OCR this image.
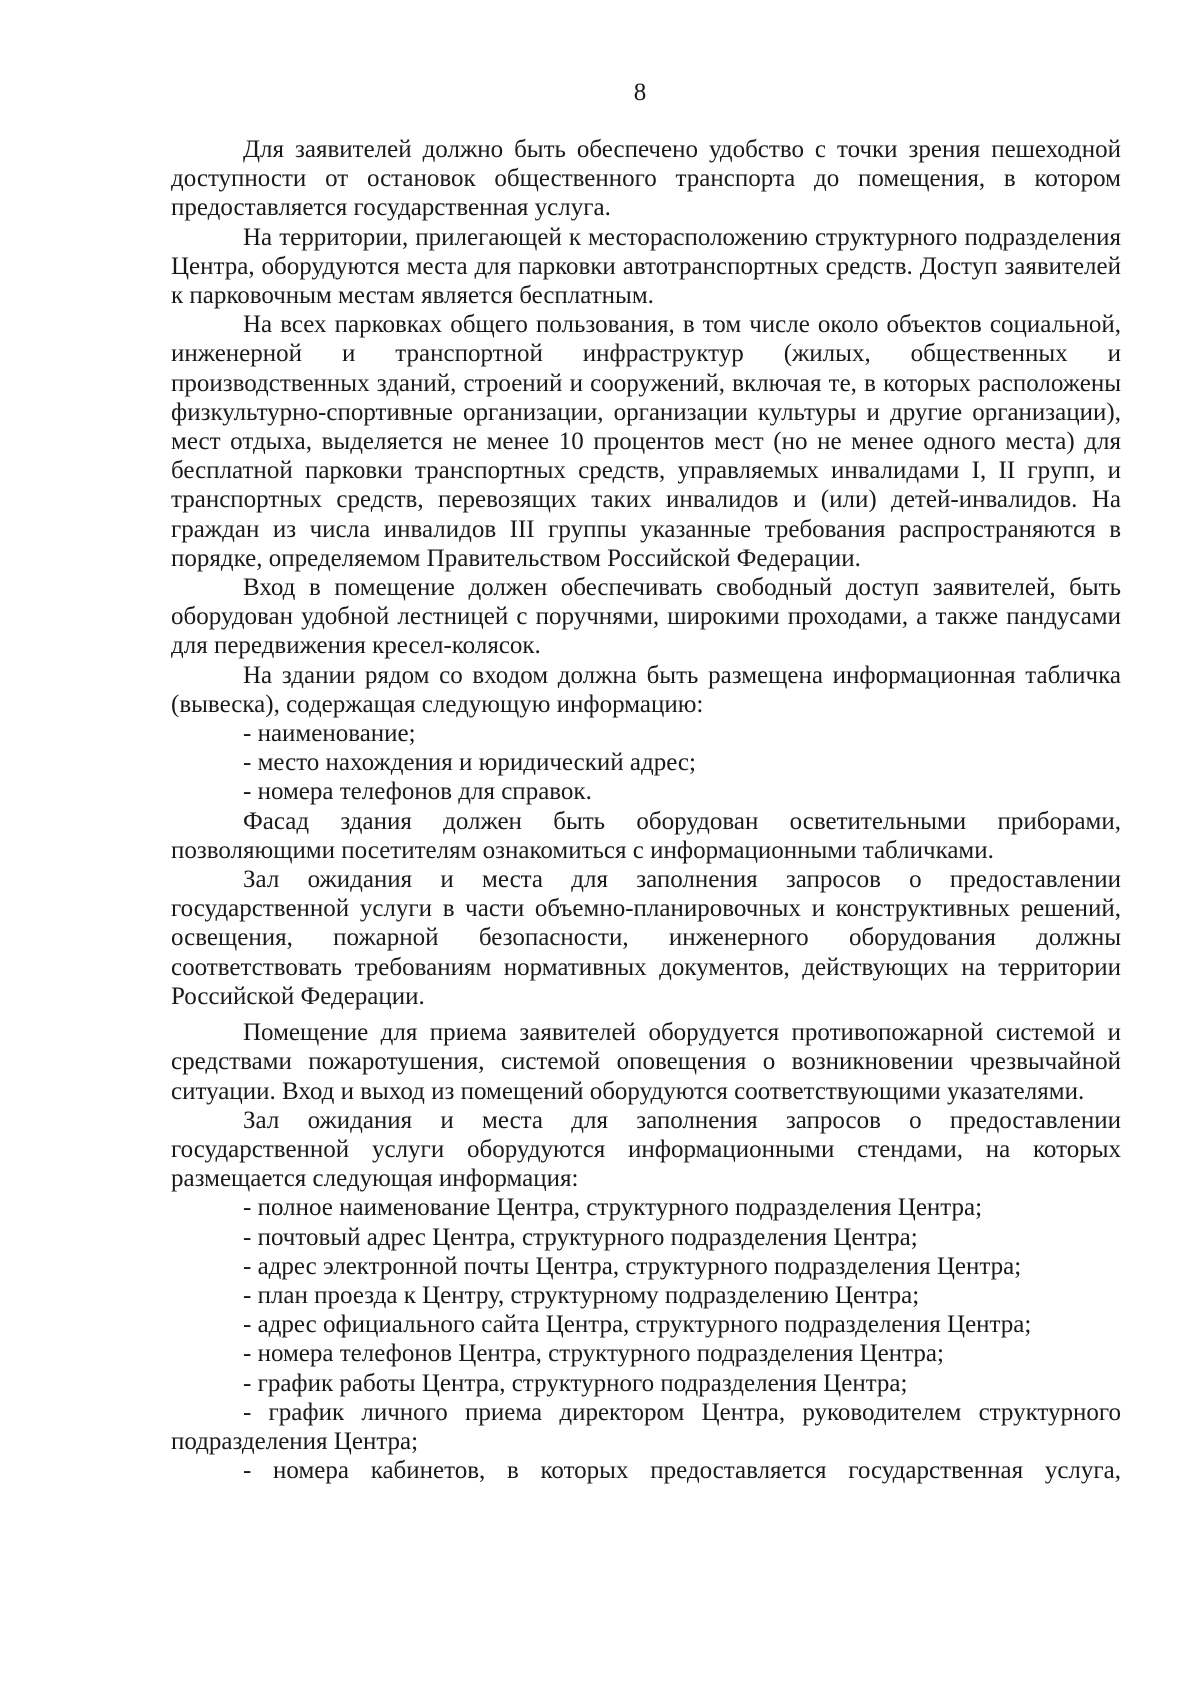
8

Для заявителей должно быть обеспечено удобство с точки зрения пешеходной доступности от остановок общественного транспорта до помещения, в котором предоставляется государственная услуга.

На территории, прилегающей к месторасположению структурного подразделения Центра, оборудуются места для парковки автотранспортных средств. Доступ заявителей к парковочным местам является бесплатным.

На всех парковках общего пользования, в том числе около объектов социальной, инженерной и транспортной инфраструктур (жилых, общественных и производственных зданий, строений и сооружений, включая те, в которых расположены физкультурно-спортивные организации, организации культуры и другие организации), мест отдыха, выделяется не менее 10 процентов мест (но не менее одного места) для бесплатной парковки транспортных средств, управляемых инвалидами I, II групп, и транспортных средств, перевозящих таких инвалидов и (или) детей-инвалидов. На граждан из числа инвалидов III группы указанные требования распространяются в порядке, определяемом Правительством Российской Федерации.

Вход в помещение должен обеспечивать свободный доступ заявителей, быть оборудован удобной лестницей с поручнями, широкими проходами, а также пандусами для передвижения кресел-колясок.

На здании рядом со входом должна быть размещена информационная табличка (вывеска), содержащая следующую информацию:

- наименование;

- место нахождения и юридический адрес;

- номера телефонов для справок.

Фасад здания должен быть оборудован осветительными приборами, позволяющими посетителям ознакомиться с информационными табличками.

Зал ожидания и места для заполнения запросов о предоставлении государственной услуги в части объемно-планировочных и конструктивных решений, освещения, пожарной безопасности, инженерного оборудования должны соответствовать требованиям нормативных документов, действующих на территории Российской Федерации.

Помещение для приема заявителей оборудуется противопожарной системой и средствами пожаротушения, системой оповещения о возникновении чрезвычайной ситуации. Вход и выход из помещений оборудуются соответствующими указателями.

Зал ожидания и места для заполнения запросов о предоставлении государственной услуги оборудуются информационными стендами, на которых размещается следующая информация:

- полное наименование Центра, структурного подразделения Центра;

- почтовый адрес Центра, структурного подразделения Центра;

- адрес электронной почты Центра, структурного подразделения Центра;

- план проезда к Центру, структурному подразделению Центра;

- адрес официального сайта Центра, структурного подразделения Центра;

- номера телефонов Центра, структурного подразделения Центра;

- график работы Центра, структурного подразделения Центра;

- график личного приема директором Центра, руководителем структурного подразделения Центра;

- номера кабинетов, в которых предоставляется государственная услуга,
